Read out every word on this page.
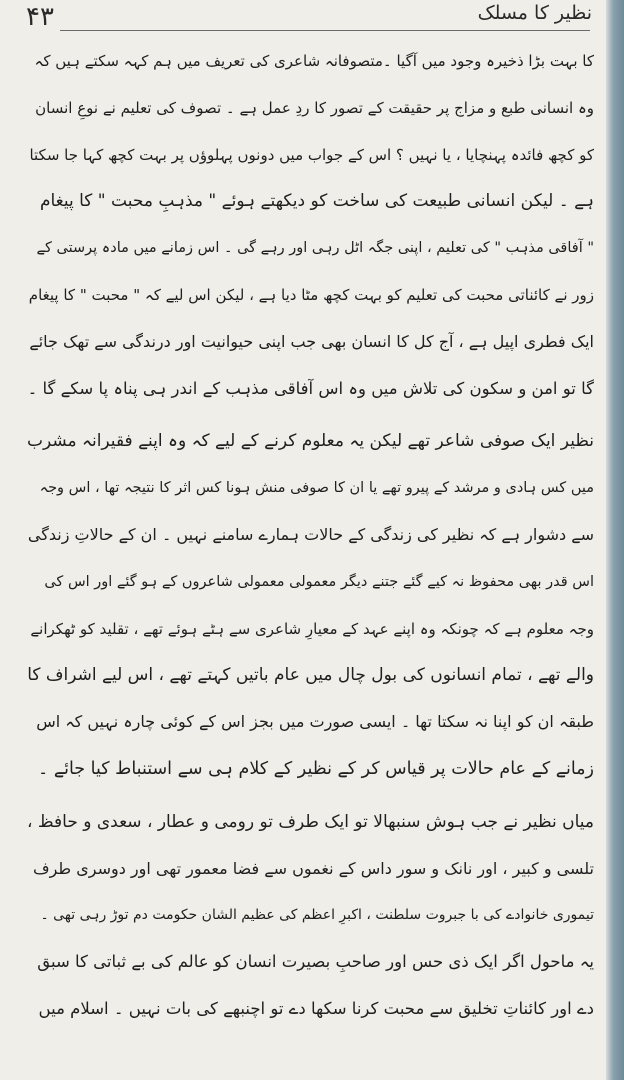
۴۳	نظیر کا مسلک

کا بہت بڑا ذخیرہ وجود میں آگیا ۔متصوفانہ شاعری کی تعریف میں ہم کہہ سکتے ہیں کہ
وہ انسانی طبع و مزاج پر حقیقت کے تصور کا ردِ عمل ہے ۔ تصوف کی تعلیم نے نوعِ انسان
کو کچھ فائدہ پہنچایا ، یا نہیں ؟ اس کے جواب میں دونوں پہلوؤں پر بہت کچھ کہا جا سکتا
ہے ۔ لیکن انسانی طبیعت کی ساخت کو دیکھتے ہوئے " مذہبِ محبت " کا پیغام
" آفاقی مذہب " کی تعلیم ، اپنی جگہ اٹل رہی اور رہے گی ۔ اس زمانے میں مادہ پرستی کے
زور نے کائناتی محبت کی تعلیم کو بہت کچھ مٹا دیا ہے ، لیکن اس لیے کہ " محبت " کا پیغام
ایک فطری اپیل ہے ، آج کل کا انسان بھی جب اپنی حیوانیت اور درندگی سے تھک جائے
گا تو امن و سکون کی تلاش میں وہ اس آفاقی مذہب کے اندر ہی پناہ پا سکے گا ۔

نظیر ایک صوفی شاعر تھے لیکن یہ معلوم کرنے کے لیے کہ وہ اپنے فقیرانہ مشرب
میں کس ہادی و مرشد کے پیرو تھے یا ان کا صوفی منش ہونا کس اثر کا نتیجہ تھا ، اس وجہ
سے دشوار ہے کہ نظیر کی زندگی کے حالات ہمارے سامنے نہیں ۔ ان کے حالاتِ زندگی
اس قدر بھی محفوظ نہ کیے گئے جتنے دیگر معمولی معمولی شاعروں کے ہو گئے اور اس کی
وجہ معلوم ہے کہ چونکہ وہ اپنے عہد کے معیارِ شاعری سے ہٹے ہوئے تھے ، تقلید کو ٹھکرانے
والے تھے ، تمام انسانوں کی بول چال میں عام باتیں کہتے تھے ، اس لیے اشراف کا
طبقہ ان کو اپنا نہ سکتا تھا ۔ ایسی صورت میں بجز اس کے کوئی چارہ نہیں کہ اس
زمانے کے عام حالات پر قیاس کر کے نظیر کے کلام ہی سے استنباط کیا جائے ۔

میاں نظیر نے جب ہوش سنبھالا تو ایک طرف تو رومی و عطار ، سعدی و حافظ ،
تلسی و کبیر ، اور نانک و سور داس کے نغموں سے فضا معمور تھی اور دوسری طرف
تیموری خانوادے کی با جبروت سلطنت ، اکبرِ اعظم کی عظیم الشان حکومت دم توڑ رہی تھی ۔
یہ ماحول اگر ایک ذی حس اور صاحبِ بصیرت انسان کو عالم کی بے ثباتی کا سبق
دے اور کائناتِ تخلیق سے محبت کرنا سکھا دے تو اچنبھے کی بات نہیں ۔ اسلام میں
